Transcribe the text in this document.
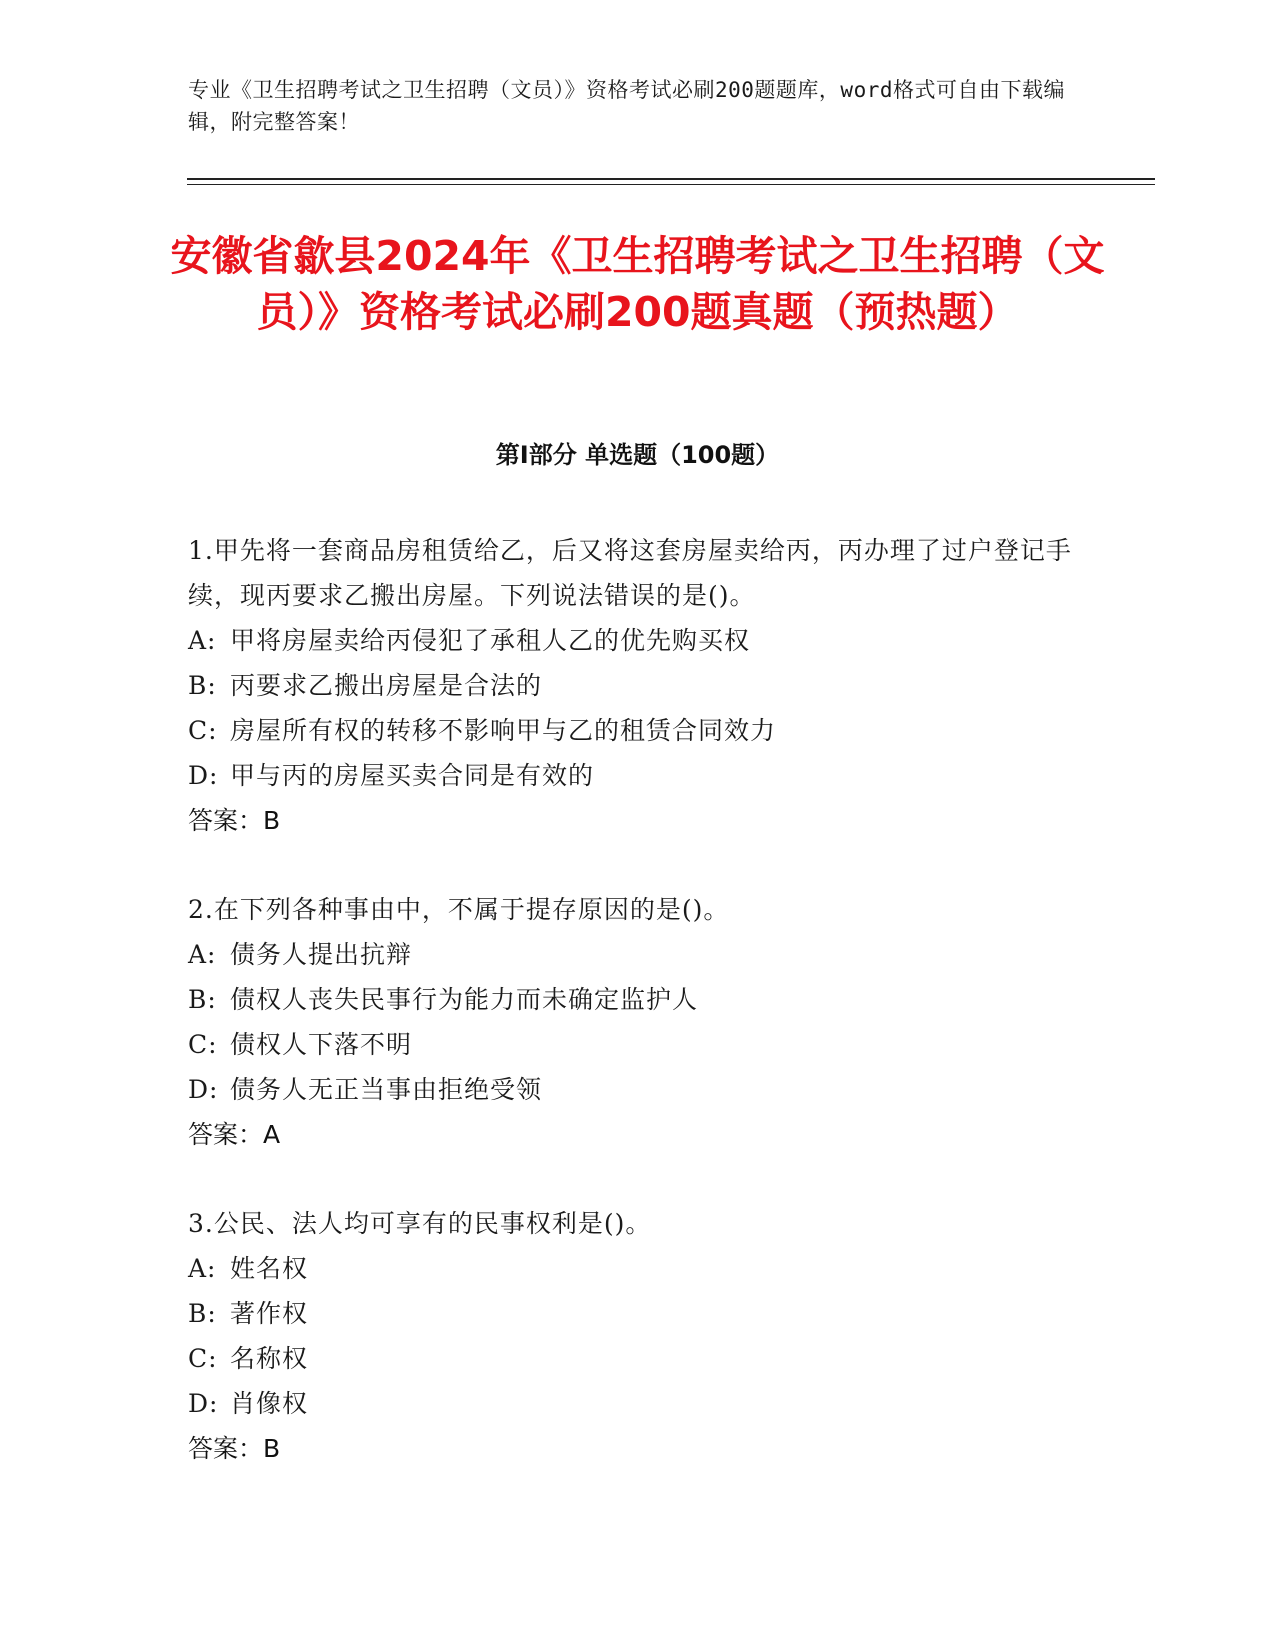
专业《卫生招聘考试之卫生招聘（文员）》资格考试必刷200题题库，word格式可自由下载编辑，附完整答案！
安徽省歙县2024年《卫生招聘考试之卫生招聘（文员）》资格考试必刷200题真题（预热题）
第I部分 单选题（100题）

1.甲先将一套商品房租赁给乙，后又将这套房屋卖给丙，丙办理了过户登记手续，现丙要求乙搬出房屋。下列说法错误的是()。

A: 甲将房屋卖给丙侵犯了承租人乙的优先购买权

B: 丙要求乙搬出房屋是合法的

C: 房屋所有权的转移不影响甲与乙的租赁合同效力

D: 甲与丙的房屋买卖合同是有效的

答案：B

2.在下列各种事由中，不属于提存原因的是()。

A: 债务人提出抗辩

B: 债权人丧失民事行为能力而未确定监护人

C: 债权人下落不明

D: 债务人无正当事由拒绝受领

答案：A

3.公民、法人均可享有的民事权利是()。

A: 姓名权

B: 著作权

C: 名称权

D: 肖像权

答案：B
